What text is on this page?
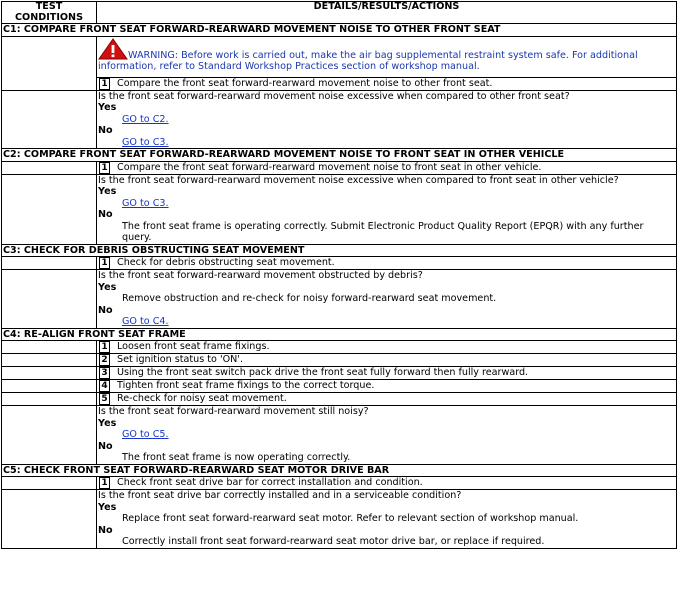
TEST
CONDITIONS	DETAILS/RESULTS/ACTIONS
C1: COMPARE FRONT SEAT FORWARD-REARWARD MOVEMENT NOISE TO OTHER FRONT SEAT	

	WARNING: Before work is carried out, make the air bag supplemental restraint system safe. For additional information, refer to Standard Workshop Practices section of workshop manual.
1 Compare the front seat forward-rearward movement noise to other front seat.

	Is the front seat forward-rearward movement noise excessive when compared to other front seat?
Yes
GO to C2.
No
GO to C3.

C2: COMPARE FRONT SEAT FORWARD-REARWARD MOVEMENT NOISE TO FRONT SEAT IN OTHER VEHICLE	
	1 Compare the front seat forward-rearward movement noise to front seat in other vehicle.

	Is the front seat forward-rearward movement noise excessive when compared to front seat in other vehicle?
Yes
GO to C3.
No
The front seat frame is operating correctly. Submit Electronic Product Quality Report (EPQR) with any further query.

C3: CHECK FOR DEBRIS OBSTRUCTING SEAT MOVEMENT	
	1 Check for debris obstructing seat movement.

	Is the front seat forward-rearward movement obstructed by debris?
Yes
Remove obstruction and re-check for noisy forward-rearward seat movement.
No
GO to C4.

C4: RE-ALIGN FRONT SEAT FRAME	
	1 Loosen front seat frame fixings.
	2 Set ignition status to 'ON'.
	3 Using the front seat switch pack drive the front seat fully forward then fully rearward.
	4 Tighten front seat frame fixings to the correct torque.
	5 Re-check for noisy seat movement.

	Is the front seat forward-rearward movement still noisy?
Yes
GO to C5.
No
The front seat frame is now operating correctly.

C5: CHECK FRONT SEAT FORWARD-REARWARD SEAT MOTOR DRIVE BAR	
	1 Check front seat drive bar for correct installation and condition.

	Is the front seat drive bar correctly installed and in a serviceable condition?
Yes
Replace front seat forward-rearward seat motor. Refer to relevant section of workshop manual.
No
Correctly install front seat forward-rearward seat motor drive bar, or replace if required.
